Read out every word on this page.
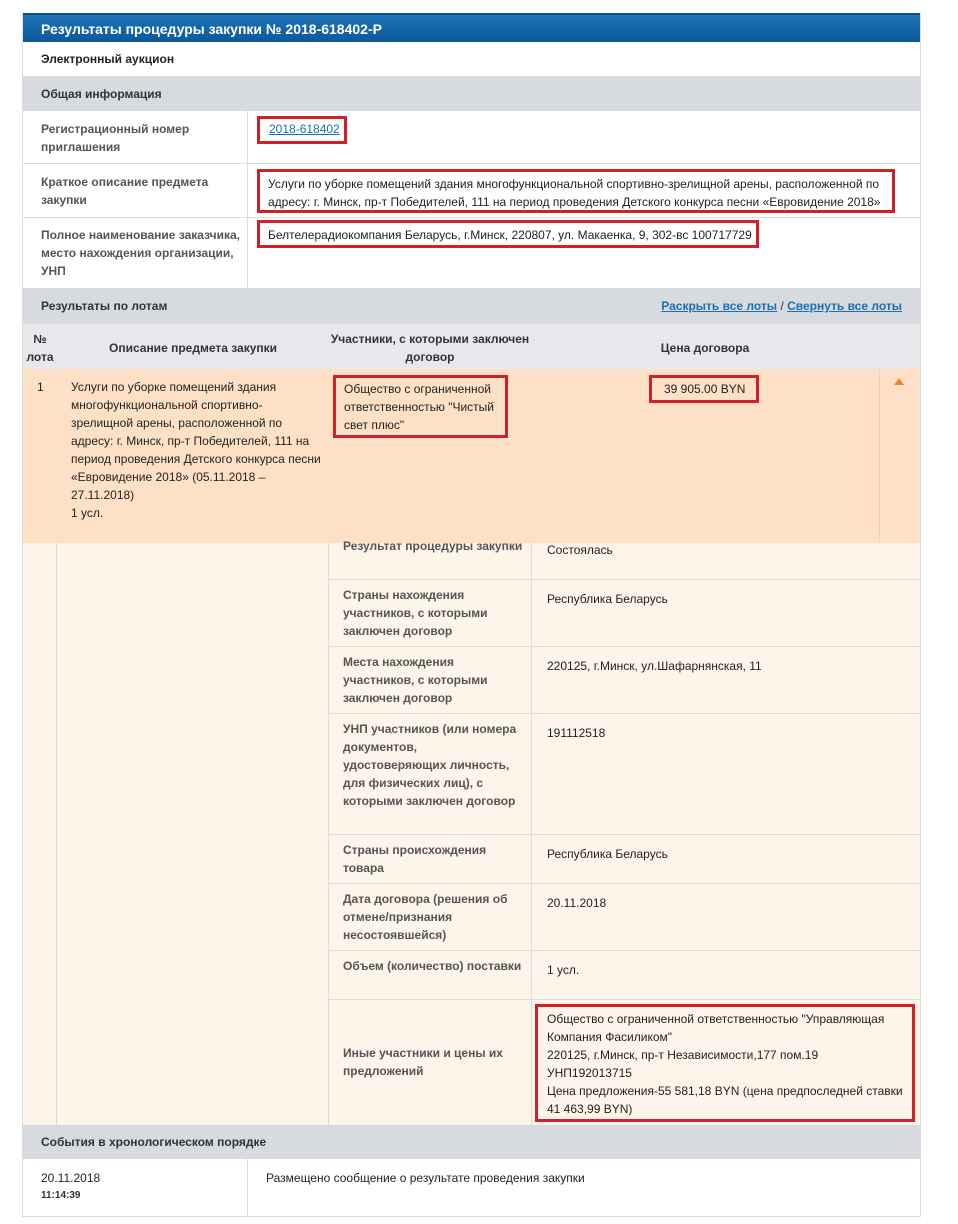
Результаты процедуры закупки № 2018-618402-P
Электронный аукцион
Общая информация
Регистрационный номер приглашения
2018-618402
Краткое описание предмета закупки
Услуги по уборке помещений здания многофункциональной спортивно-зрелищной арены, расположенной по адресу: г. Минск, пр-т Победителей, 111 на период проведения Детского конкурса песни «Евровидение 2018»
Полное наименование заказчика, место нахождения организации, УНП
Белтелерадиокомпания Беларусь, г.Минск, 220807, ул. Макаенка, 9, 302-вс 100717729
Результаты по лотам	Раскрыть все лоты / Свернуть все лоты
№ лота
Описание предмета закупки
Участники, с которыми заключен договор
Цена договора
1 Услуги по уборке помещений здания многофункциональной спортивно-зрелищной арены, расположенной по адресу: г. Минск, пр-т Победителей, 111 на период проведения Детского конкурса песни «Евровидение 2018» (05.11.2018 – 27.11.2018)
1 усл.
Общество с ограниченной ответственностью "Чистый свет плюс"
39 905.00 BYN
Результат процедуры закупки Состоялась
Страны нахождения участников, с которыми заключен договор
Республика Беларусь
Места нахождения участников, с которыми заключен договор
220125, г.Минск, ул.Шафарнянская, 11
УНП участников (или номера документов, удостоверяющих личность, для физических лиц), с которыми заключен договор
191112518
Страны происхождения товара
Республика Беларусь
Дата договора (решения об отмене/признания несостоявшейся)
20.11.2018
Объем (количество) поставки 1 усл.
Иные участники и цены их предложений
Общество с ограниченной ответственностью "Управляющая Компания Фасиликом"
220125, г.Минск, пр-т Независимости,177 пом.19
УНП192013715
Цена предложения-55 581,18 BYN (цена предпоследней ставки 41 463,99 BYN)
События в хронологическом порядке
20.11.2018
11:14:39
Размещено сообщение о результате проведения закупки
